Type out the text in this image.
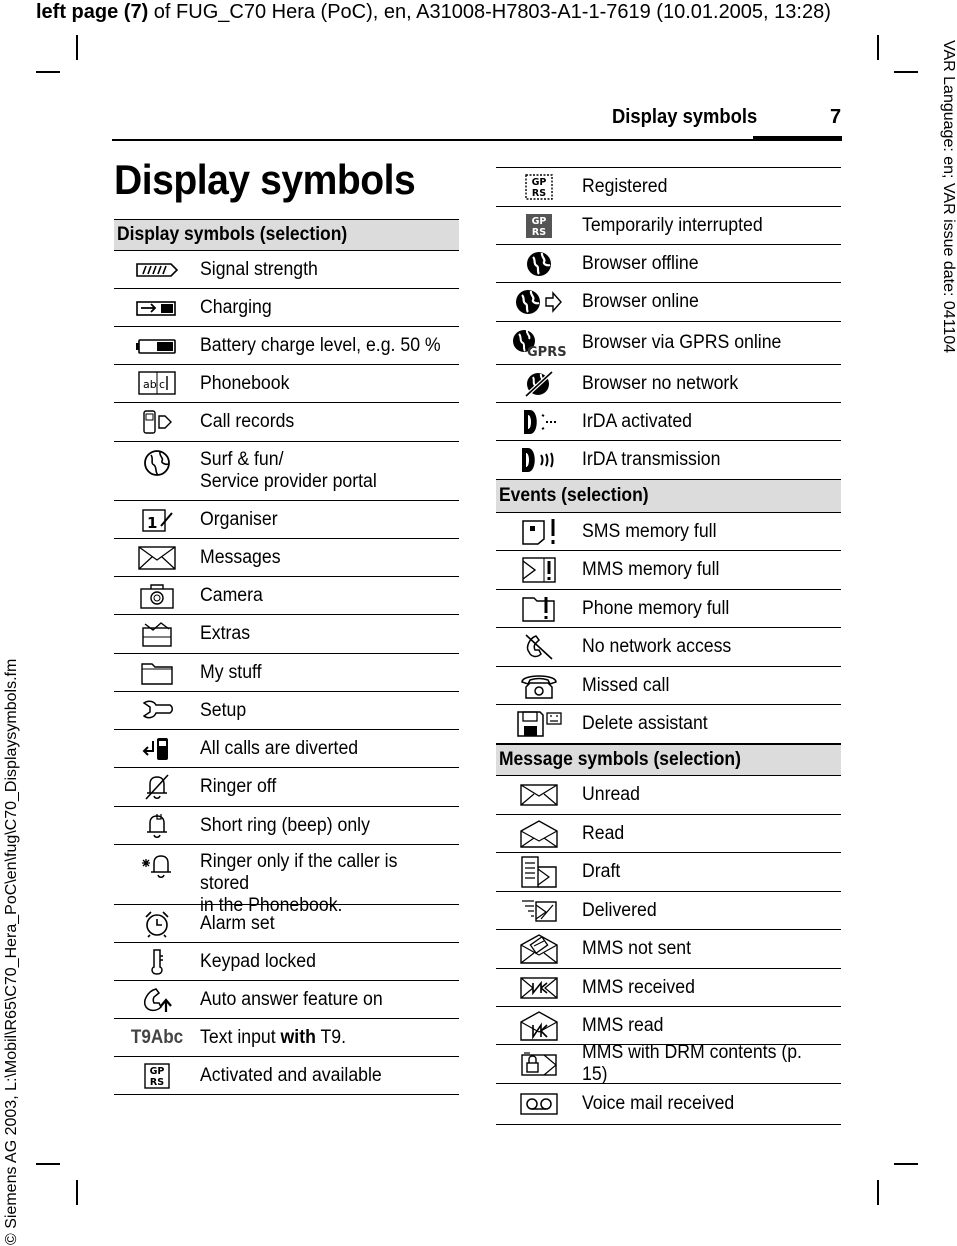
left page (7) of FUG_C70 Hera (PoC), en, A31008-H7803-A1-1-7619 (10.01.2005, 13:28)
VAR Language: en; VAR issue date: 041104
© Siemens AG 2003, L:\Mobil\R65\C70_Hera_PoC\en\fug\C70_Displaysymbols.fm
Display symbols	7
Display symbols
Display symbols (selection)
Signal strength
Charging
Battery charge level, e.g. 50 %
ab c Phonebook
Call records
Surf & fun/
Service provider portal
1 Organiser
Messages
Camera
Extras
My stuff
Setup
All calls are diverted
Ringer off
Short ring (beep) only
Ringer only if the caller is stored
in the Phonebook.
Alarm set
Keypad locked
Auto answer feature on
T9Abc Text input with T9.
GP
RS Activated and available
GP
RS Registered
GP
RS Temporarily interrupted
Browser offline
Browser online
GPRS Browser via GPRS online
Browser no network
IrDA activated
IrDA transmission
Events (selection)
SMS memory full
MMS memory full
Phone memory full
No network access
Missed call
Delete assistant
Message symbols (selection)
Unread
Read
Draft
Delivered
MMS not sent
MMS received
MMS read
MMS with DRM contents (p. 15)
Voice mail received
